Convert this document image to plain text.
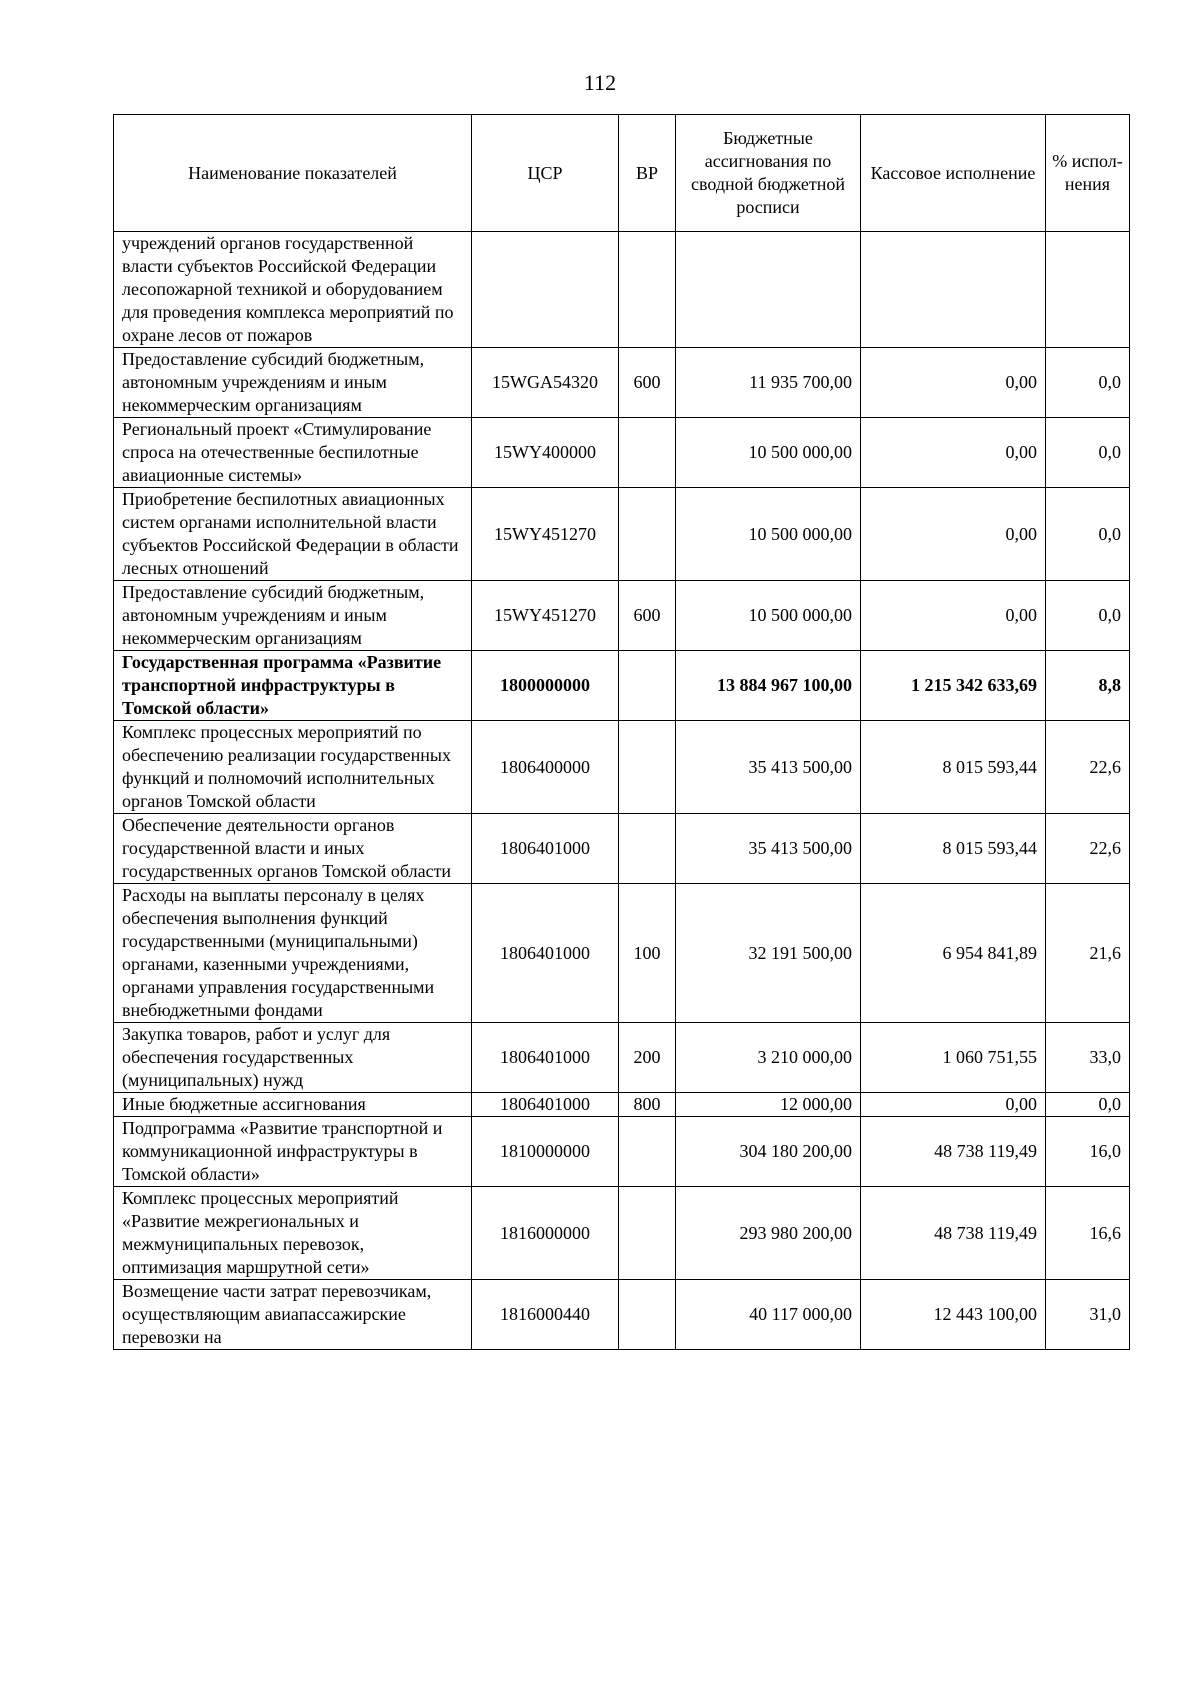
112
Наименование показателей	ЦСР	ВР	Бюджетные ассигнования по сводной бюджетной росписи	Кассовое исполнение	% испол-нения
учреждений органов государственной власти субъектов Российской Федерации лесопожарной техникой и оборудованием для проведения комплекса мероприятий по охране лесов от пожаров					
Предоставление субсидий бюджетным, автономным учреждениям и иным некоммерческим организациям	15WGA54320	600	11 935 700,00	0,00	0,0
Региональный проект «Стимулирование спроса на отечественные беспилотные авиационные системы»	15WY400000		10 500 000,00	0,00	0,0
Приобретение беспилотных авиационных систем органами исполнительной власти субъектов Российской Федерации в области лесных отношений	15WY451270		10 500 000,00	0,00	0,0
Предоставление субсидий бюджетным, автономным учреждениям и иным некоммерческим организациям	15WY451270	600	10 500 000,00	0,00	0,0
Государственная программа «Развитие транспортной инфраструктуры в Томской области»	1800000000		13 884 967 100,00	1 215 342 633,69	8,8
Комплекс процессных мероприятий по обеспечению реализации государственных функций и полномочий исполнительных органов Томской области	1806400000		35 413 500,00	8 015 593,44	22,6
Обеспечение деятельности органов государственной власти и иных государственных органов Томской области	1806401000		35 413 500,00	8 015 593,44	22,6
Расходы на выплаты персоналу в целях обеспечения выполнения функций государственными (муниципальными) органами, казенными учреждениями, органами управления государственными внебюджетными фондами	1806401000	100	32 191 500,00	6 954 841,89	21,6
Закупка товаров, работ и услуг для обеспечения государственных (муниципальных) нужд	1806401000	200	3 210 000,00	1 060 751,55	33,0
Иные бюджетные ассигнования	1806401000	800	12 000,00	0,00	0,0
Подпрограмма «Развитие транспортной и коммуникационной инфраструктуры в Томской области»	1810000000		304 180 200,00	48 738 119,49	16,0
Комплекс процессных мероприятий «Развитие межрегиональных и межмуниципальных перевозок, оптимизация маршрутной сети»	1816000000		293 980 200,00	48 738 119,49	16,6
Возмещение части затрат перевозчикам, осуществляющим авиапассажирские перевозки на	1816000440		40 117 000,00	12 443 100,00	31,0
